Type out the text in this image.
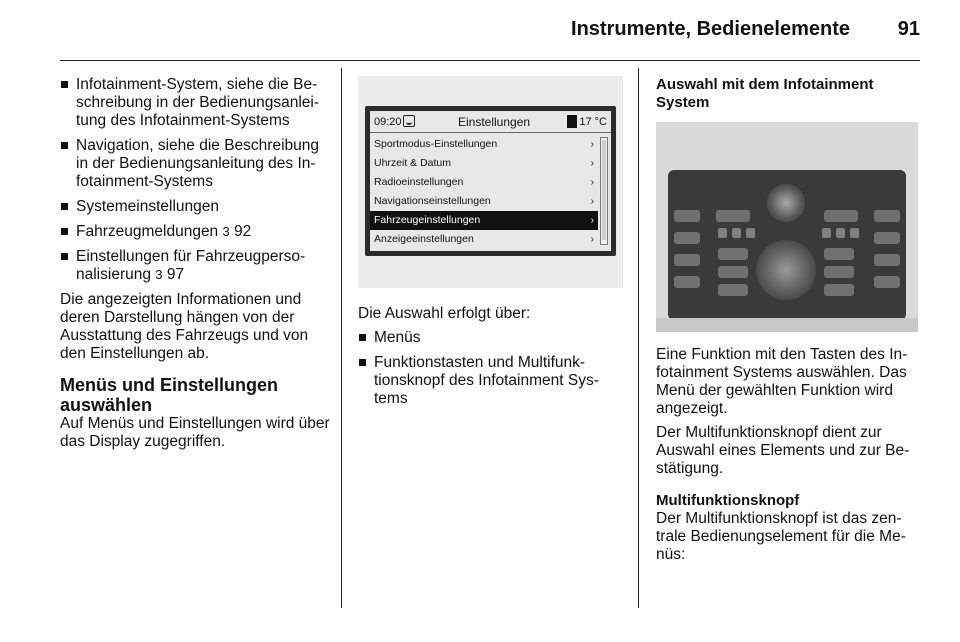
Instrumente, Bedienelemente 91
Infotainment-System, siehe die Be-schreibung in der Bedienungsanlei-tung des Infotainment-Systems
Navigation, siehe die Beschreibung in der Bedienungsanleitung des In-fotainment-Systems
Systemeinstellungen
Fahrzeugmeldungen 3 92
Einstellungen für Fahrzeugperso-nalisierung 3 97

Die angezeigten Informationen und deren Darstellung hängen von der Ausstattung des Fahrzeugs und von den Einstellungen ab.

Menüs und Einstellungen auswählen

Auf Menüs und Einstellungen wird über das Display zugegriffen.

09:20	Einstellungen	17 °C
Sportmodus-Einstellungen	›
Uhrzeit & Datum	›
Radioeinstellungen	›
Navigationseinstellungen	›
Fahrzeugeinstellungen	›
Anzeigeeinstellungen	›

Die Auswahl erfolgt über:

Menüs
Funktionstasten und Multifunk-tionsknopf des Infotainment Sys-tems
Auswahl mit dem Infotainment System

Eine Funktion mit den Tasten des In-fotainment Systems auswählen. Das Menü der gewählten Funktion wird angezeigt.

Der Multifunktionsknopf dient zur Auswahl eines Elements und zur Be-stätigung.

Multifunktionsknopf

Der Multifunktionsknopf ist das zen-trale Bedienungselement für die Me-nüs:
